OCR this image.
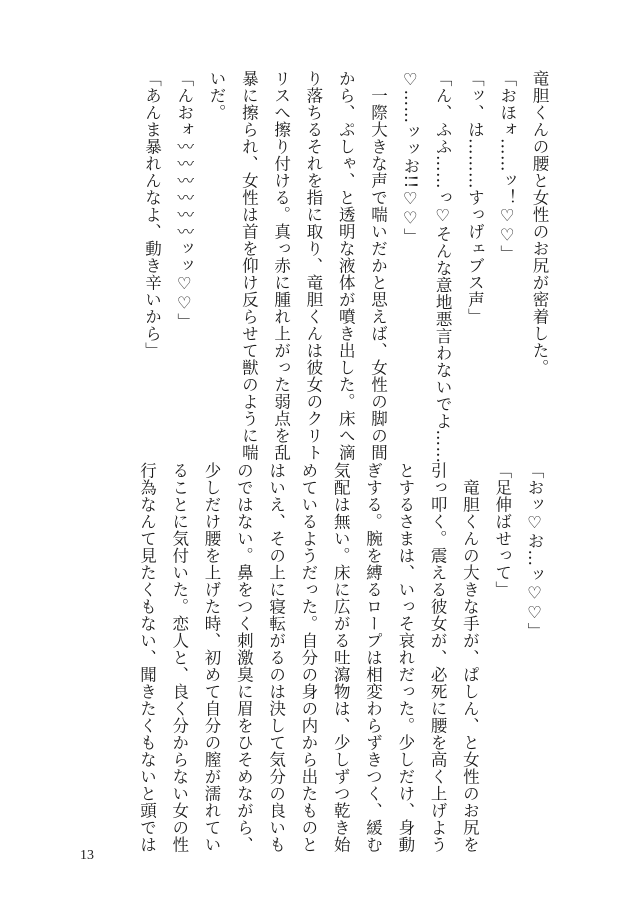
竜胆くんの腰と女性のお尻が密着した。
「おほォ……ッ！♡♡」
「ッ、は………すっげェブス声」
「ん、ふふ……っ♡そんな意地悪言わないでよ……
♡……ッッお!!♡♡」
　一際大きな声で喘いだかと思えば、女性の脚の間
から、ぷしゃ、と透明な液体が噴き出した。床へ滴
り落ちるそれを指に取り、竜胆くんは彼女のクリト
リスへ擦り付ける。真っ赤に腫れ上がった弱点を乱
暴に擦られ、女性は首を仰け反らせて獣のように喘
いだ。
「んおォ〰〰〰〰〰〰ッッ♡♡」
「あんま暴れんなよ、動き辛いから」
「おッ♡お…ッ♡♡」
「足伸ばせって」
　竜胆くんの大きな手が、ぱしん、と女性のお尻を
引っ叩く。震える彼女が、必死に腰を高く上げよう
とするさまは、いっそ哀れだった。少しだけ、身動
ぎする。腕を縛るロープは相変わらずきつく、緩む
気配は無い。床に広がる吐瀉物は、少しずつ乾き始
めているようだった。自分の身の内から出たものと
はいえ、その上に寝転がるのは決して気分の良いも
のではない。鼻をつく刺激臭に眉をひそめながら、
少しだけ腰を上げた時、初めて自分の膣が濡れてい
ることに気付いた。恋人と、良く分からない女の性
行為なんて見たくもない、聞きたくもないと頭では
13
